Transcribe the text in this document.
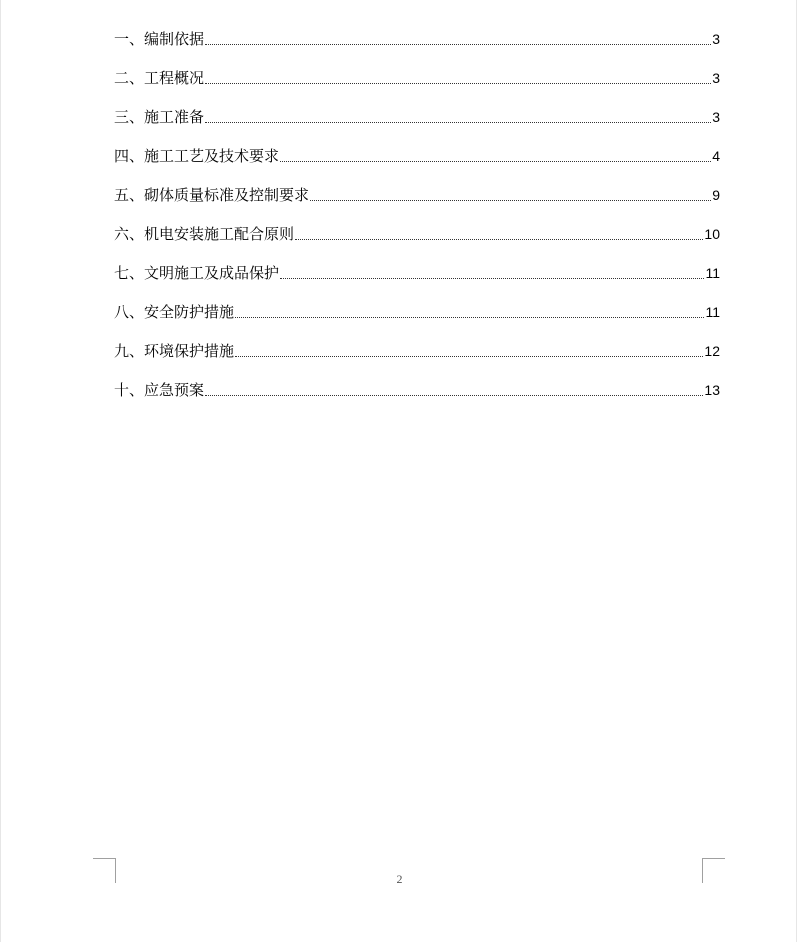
一、编制依据	3
二、工程概况	3
三、施工准备	3
四、施工工艺及技术要求	4
五、砌体质量标准及控制要求	9
六、机电安装施工配合原则	10
七、文明施工及成品保护	11
八、安全防护措施	11
九、环境保护措施	12
十、应急预案	13
2
